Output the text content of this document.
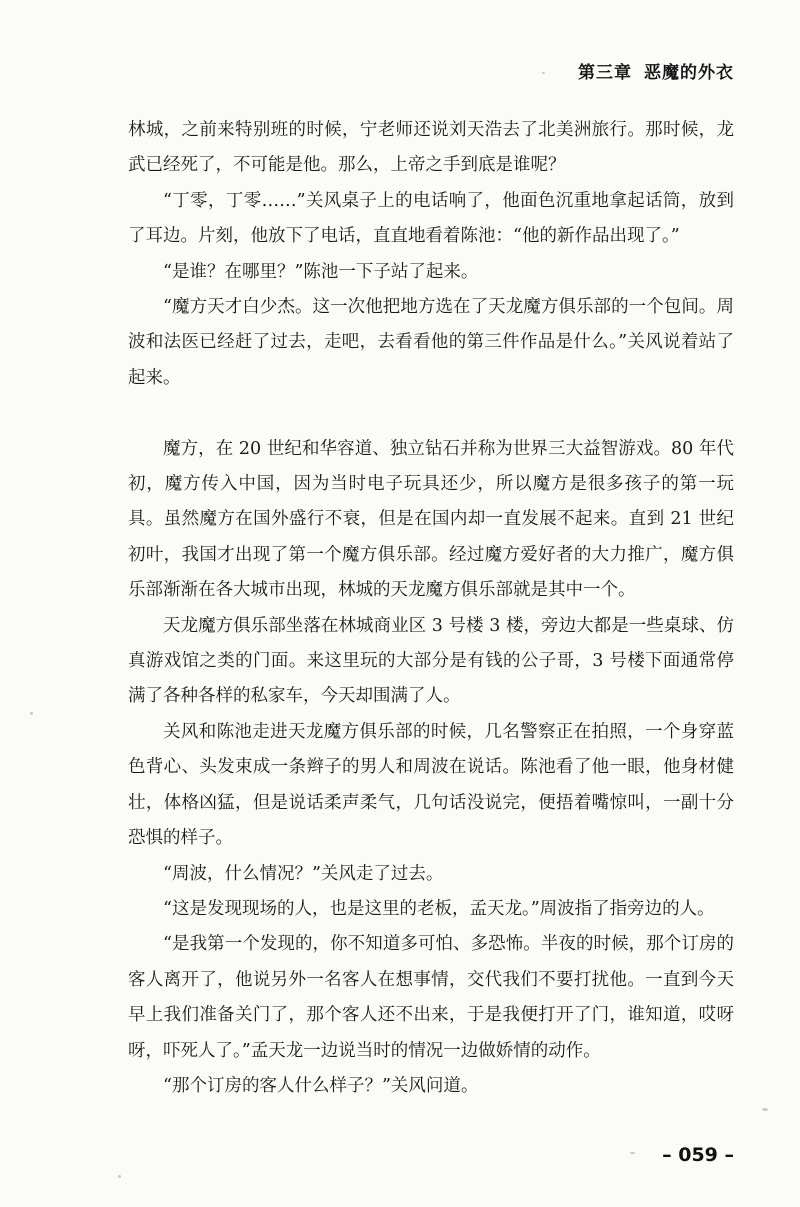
第三章 恶魔的外衣

林城，之前来特别班的时候，宁老师还说刘天浩去了北美洲旅行。那时候，龙武已经死了，不可能是他。那么，上帝之手到底是谁呢？

“丁零，丁零……”关风桌子上的电话响了，他面色沉重地拿起话筒，放到了耳边。片刻，他放下了电话，直直地看着陈池：“他的新作品出现了。”

“是谁？在哪里？”陈池一下子站了起来。

“魔方天才白少杰。这一次他把地方选在了天龙魔方俱乐部的一个包间。周波和法医已经赶了过去，走吧，去看看他的第三件作品是什么。”关风说着站了起来。

魔方，在 20 世纪和华容道、独立钻石并称为世界三大益智游戏。80 年代初，魔方传入中国，因为当时电子玩具还少，所以魔方是很多孩子的第一玩具。虽然魔方在国外盛行不衰，但是在国内却一直发展不起来。直到 21 世纪初叶，我国才出现了第一个魔方俱乐部。经过魔方爱好者的大力推广，魔方俱乐部渐渐在各大城市出现，林城的天龙魔方俱乐部就是其中一个。

天龙魔方俱乐部坐落在林城商业区 3 号楼 3 楼，旁边大都是一些桌球、仿真游戏馆之类的门面。来这里玩的大部分是有钱的公子哥，3 号楼下面通常停满了各种各样的私家车，今天却围满了人。

关风和陈池走进天龙魔方俱乐部的时候，几名警察正在拍照，一个身穿蓝色背心、头发束成一条辫子的男人和周波在说话。陈池看了他一眼，他身材健壮，体格凶猛，但是说话柔声柔气，几句话没说完，便捂着嘴惊叫，一副十分恐惧的样子。

“周波，什么情况？”关风走了过去。

“这是发现现场的人，也是这里的老板，孟天龙。”周波指了指旁边的人。

“是我第一个发现的，你不知道多可怕、多恐怖。半夜的时候，那个订房的客人离开了，他说另外一名客人在想事情，交代我们不要打扰他。一直到今天早上我们准备关门了，那个客人还不出来，于是我便打开了门，谁知道，哎呀呀，吓死人了。”孟天龙一边说当时的情况一边做娇情的动作。

“那个订房的客人什么样子？”关风问道。

– 059 –
